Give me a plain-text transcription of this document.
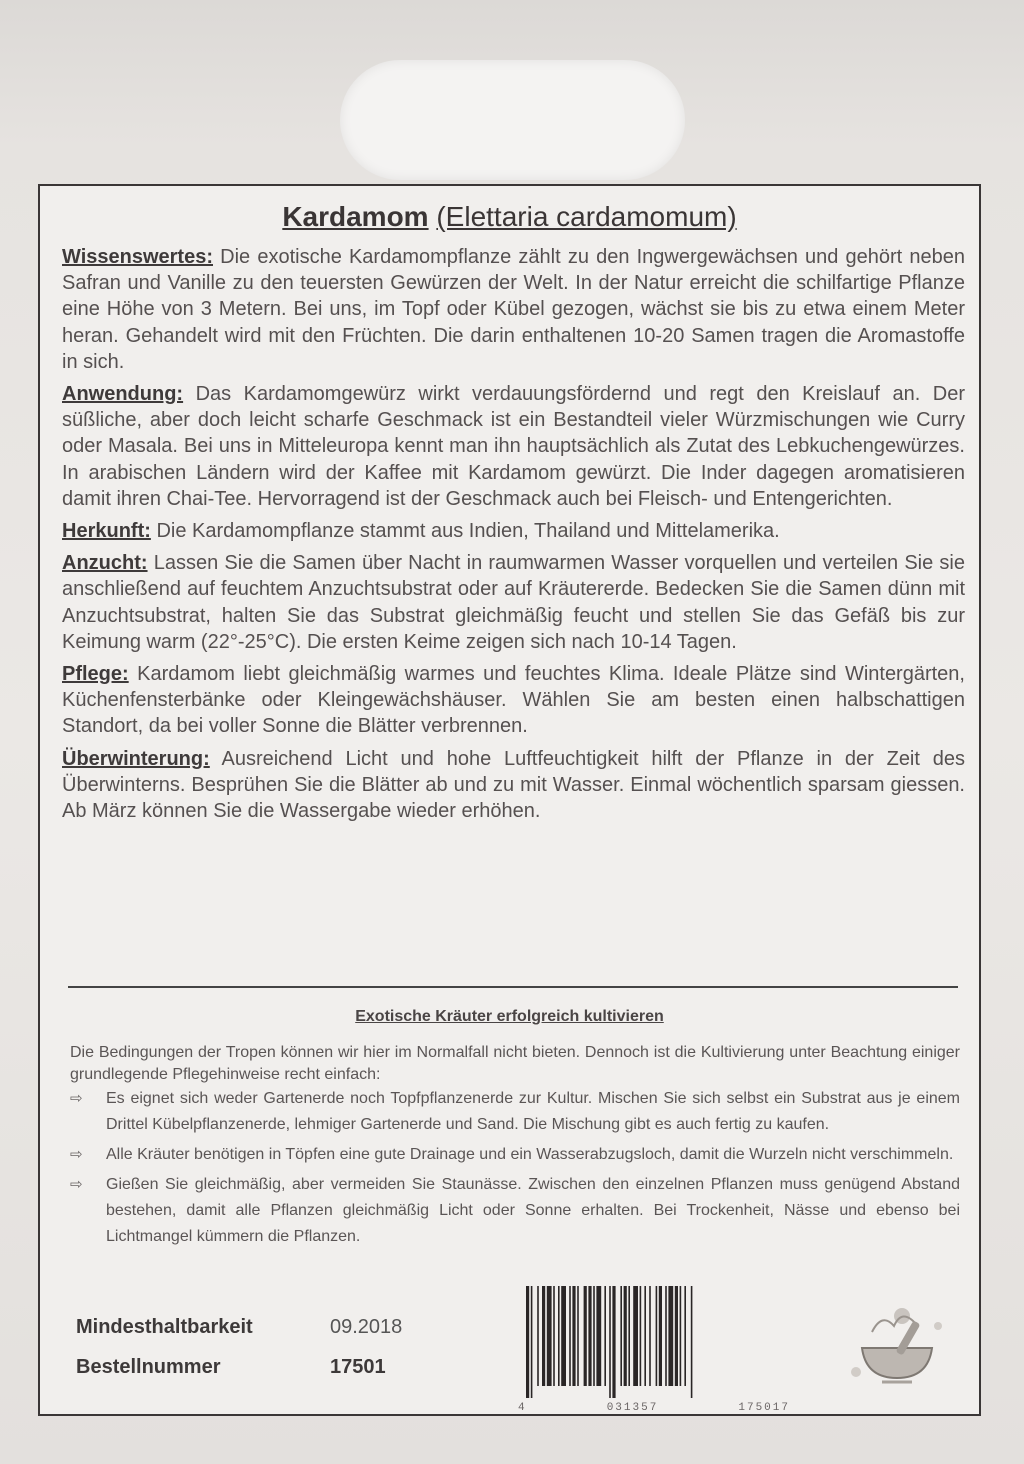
Kardamom (Elettaria cardamomum)

Wissenswertes: Die exotische Kardamompflanze zählt zu den Ingwergewächsen und gehört neben Safran und Vanille zu den teuersten Gewürzen der Welt. In der Natur erreicht die schilfartige Pflanze eine Höhe von 3 Metern. Bei uns, im Topf oder Kübel gezogen, wächst sie bis zu etwa einem Meter heran. Gehandelt wird mit den Früchten. Die darin enthaltenen 10-20 Samen tragen die Aromastoffe in sich.

Anwendung: Das Kardamomgewürz wirkt verdauungsfördernd und regt den Kreislauf an. Der süßliche, aber doch leicht scharfe Geschmack ist ein Bestandteil vieler Würzmischungen wie Curry oder Masala. Bei uns in Mitteleuropa kennt man ihn hauptsächlich als Zutat des Lebkuchengewürzes. In arabischen Ländern wird der Kaffee mit Kardamom gewürzt. Die Inder dagegen aromatisieren damit ihren Chai-Tee. Hervorragend ist der Geschmack auch bei Fleisch- und Entengerichten.

Herkunft: Die Kardamompflanze stammt aus Indien, Thailand und Mittelamerika.

Anzucht: Lassen Sie die Samen über Nacht in raumwarmen Wasser vorquellen und verteilen Sie sie anschließend auf feuchtem Anzuchtsubstrat oder auf Kräutererde. Bedecken Sie die Samen dünn mit Anzuchtsubstrat, halten Sie das Substrat gleichmäßig feucht und stellen Sie das Gefäß bis zur Keimung warm (22°-25°C). Die ersten Keime zeigen sich nach 10-14 Tagen.

Pflege: Kardamom liebt gleichmäßig warmes und feuchtes Klima. Ideale Plätze sind Wintergärten, Küchenfensterbänke oder Kleingewächshäuser. Wählen Sie am besten einen halbschattigen Standort, da bei voller Sonne die Blätter verbrennen.

Überwinterung: Ausreichend Licht und hohe Luftfeuchtigkeit hilft der Pflanze in der Zeit des Überwinterns. Besprühen Sie die Blätter ab und zu mit Wasser. Einmal wöchentlich sparsam giessen. Ab März können Sie die Wassergabe wieder erhöhen.

Exotische Kräuter erfolgreich kultivieren
Die Bedingungen der Tropen können wir hier im Normalfall nicht bieten. Dennoch ist die Kultivierung unter Beachtung einiger grundlegende Pflegehinweise recht einfach:
⇨ Es eignet sich weder Gartenerde noch Topfpflanzenerde zur Kultur. Mischen Sie sich selbst ein Substrat aus je einem Drittel Kübelpflanzenerde, lehmiger Gartenerde und Sand. Die Mischung gibt es auch fertig zu kaufen.
⇨ Alle Kräuter benötigen in Töpfen eine gute Drainage und ein Wasserabzugsloch, damit die Wurzeln nicht verschimmeln.
⇨ Gießen Sie gleichmäßig, aber vermeiden Sie Staunässe. Zwischen den einzelnen Pflanzen muss genügend Abstand bestehen, damit alle Pflanzen gleichmäßig Licht oder Sonne erhalten. Bei Trockenheit, Nässe und ebenso bei Lichtmangel kümmern die Pflanzen.
Mindesthaltbarkeit	09.2018
Bestellnummer	17501
4	031357	175017
